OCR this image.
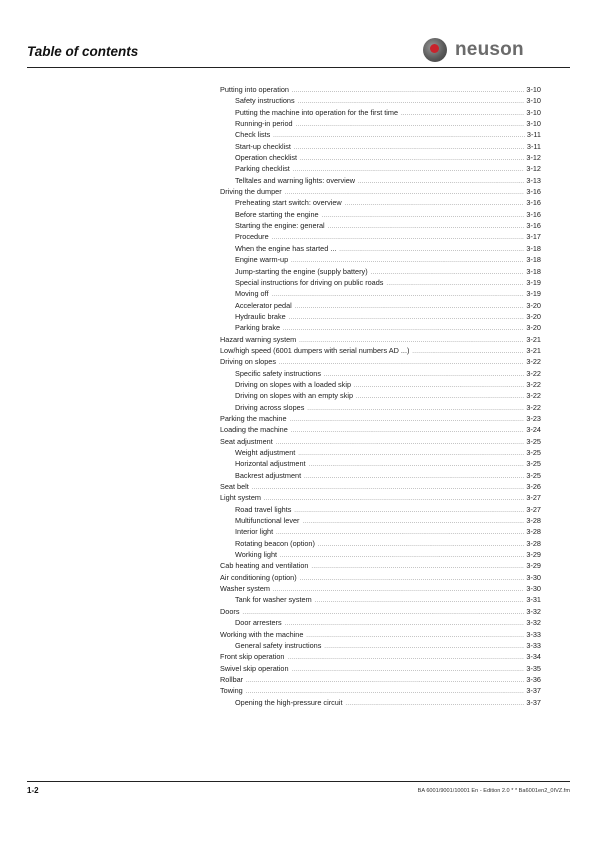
Table of contents	neuson
Putting into operation .....	3-10
Safety instructions .....	3-10
Putting the machine into operation for the first time .....	3-10
Running-in period .....	3-10
Check lists .....	3-11
Start-up checklist .....	3-11
Operation checklist .....	3-12
Parking checklist .....	3-12
Telltales and warning lights: overview .....	3-13
Driving the dumper .....	3-16
Preheating start switch: overview .....	3-16
Before starting the engine .....	3-16
Starting the engine: general .....	3-16
Procedure .....	3-17
When the engine has started ... .....	3-18
Engine warm-up .....	3-18
Jump-starting the engine (supply battery) .....	3-18
Special instructions for driving on public roads .....	3-19
Moving off .....	3-19
Accelerator pedal .....	3-20
Hydraulic brake .....	3-20
Parking brake .....	3-20
Hazard warning system .....	3-21
Low/high speed (6001 dumpers with serial numbers AD ...) .....	3-21
Driving on slopes .....	3-22
Specific safety instructions .....	3-22
Driving on slopes with a loaded skip .....	3-22
Driving on slopes with an empty skip .....	3-22
Driving across slopes .....	3-22
Parking the machine .....	3-23
Loading the machine .....	3-24
Seat adjustment .....	3-25
Weight adjustment .....	3-25
Horizontal adjustment .....	3-25
Backrest adjustment .....	3-25
Seat belt .....	3-26
Light system .....	3-27
Road travel lights .....	3-27
Multifunctional lever .....	3-28
Interior light .....	3-28
Rotating beacon (option) .....	3-28
Working light .....	3-29
Cab heating and ventilation .....	3-29
Air conditioning (option) .....	3-30
Washer system .....	3-30
Tank for washer system .....	3-31
Doors .....	3-32
Door arresters .....	3-32
Working with the machine .....	3-33
General safety instructions .....	3-33
Front skip operation .....	3-34
Swivel skip operation .....	3-35
Rollbar .....	3-36
Towing .....	3-37
Opening the high-pressure circuit .....	3-37
1-2	BA 6001/9001/10001 En - Edition 2.0 * * Ba6001en2_0IVZ.fm
